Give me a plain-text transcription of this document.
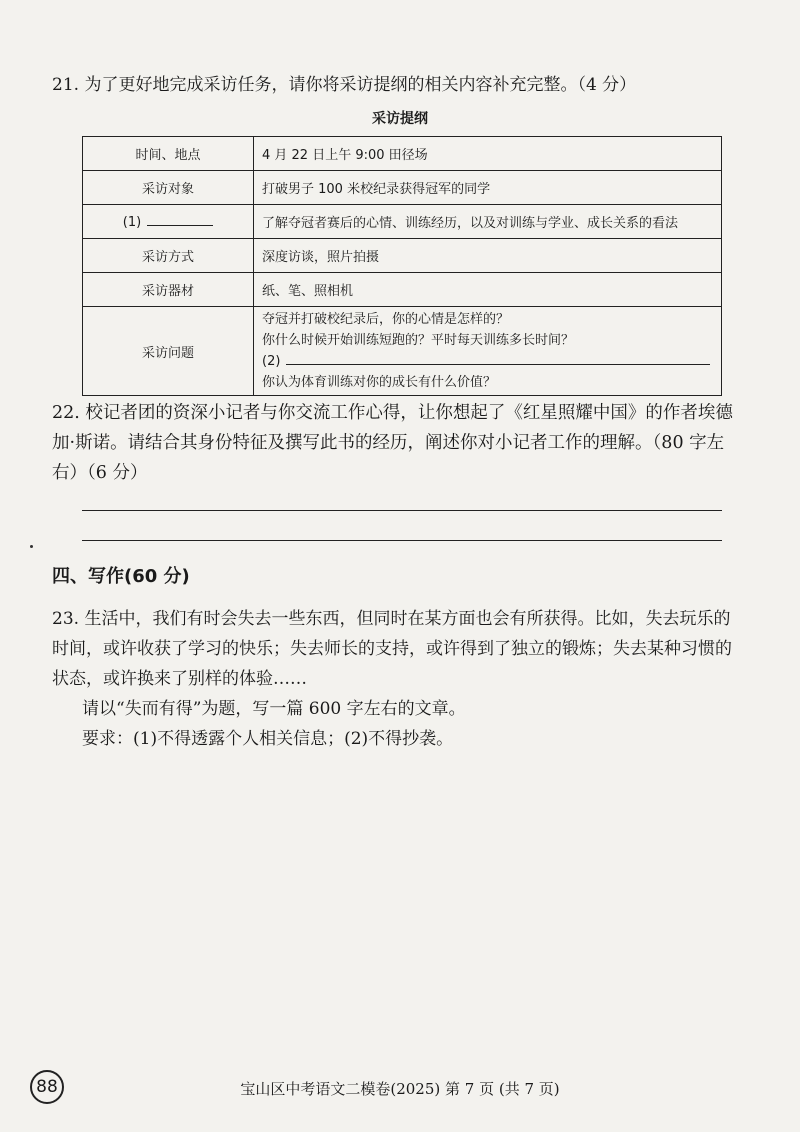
21. 为了更好地完成采访任务，请你将采访提纲的相关内容补充完整。（4 分）
采访提纲
时间、地点	4 月 22 日上午 9:00 田径场
采访对象	打破男子 100 米校纪录获得冠军的同学
(1)	了解夺冠者赛后的心情、训练经历，以及对训练与学业、成长关系的看法
采访方式	深度访谈，照片拍摄
采访器材	纸、笔、照相机
采访问题	夺冠并打破校纪录后，你的心情是怎样的？
你什么时候开始训练短跑的？平时每天训练多长时间？
(2)
你认为体育训练对你的成长有什么价值？
22. 校记者团的资深小记者与你交流工作心得，让你想起了《红星照耀中国》的作者埃德加·斯诺。请结合其身份特征及撰写此书的经历，阐述你对小记者工作的理解。（80 字左右）（6 分）
四、写作(60 分)

23. 生活中，我们有时会失去一些东西，但同时在某方面也会有所获得。比如，失去玩乐的时间，或许收获了学习的快乐；失去师长的支持，或许得到了独立的锻炼；失去某种习惯的状态，或许换来了别样的体验……

请以“失而有得”为题，写一篇 600 字左右的文章。

要求：(1)不得透露个人相关信息；(2)不得抄袭。

88	宝山区中考语文二模卷(2025) 第 7 页 (共 7 页)
